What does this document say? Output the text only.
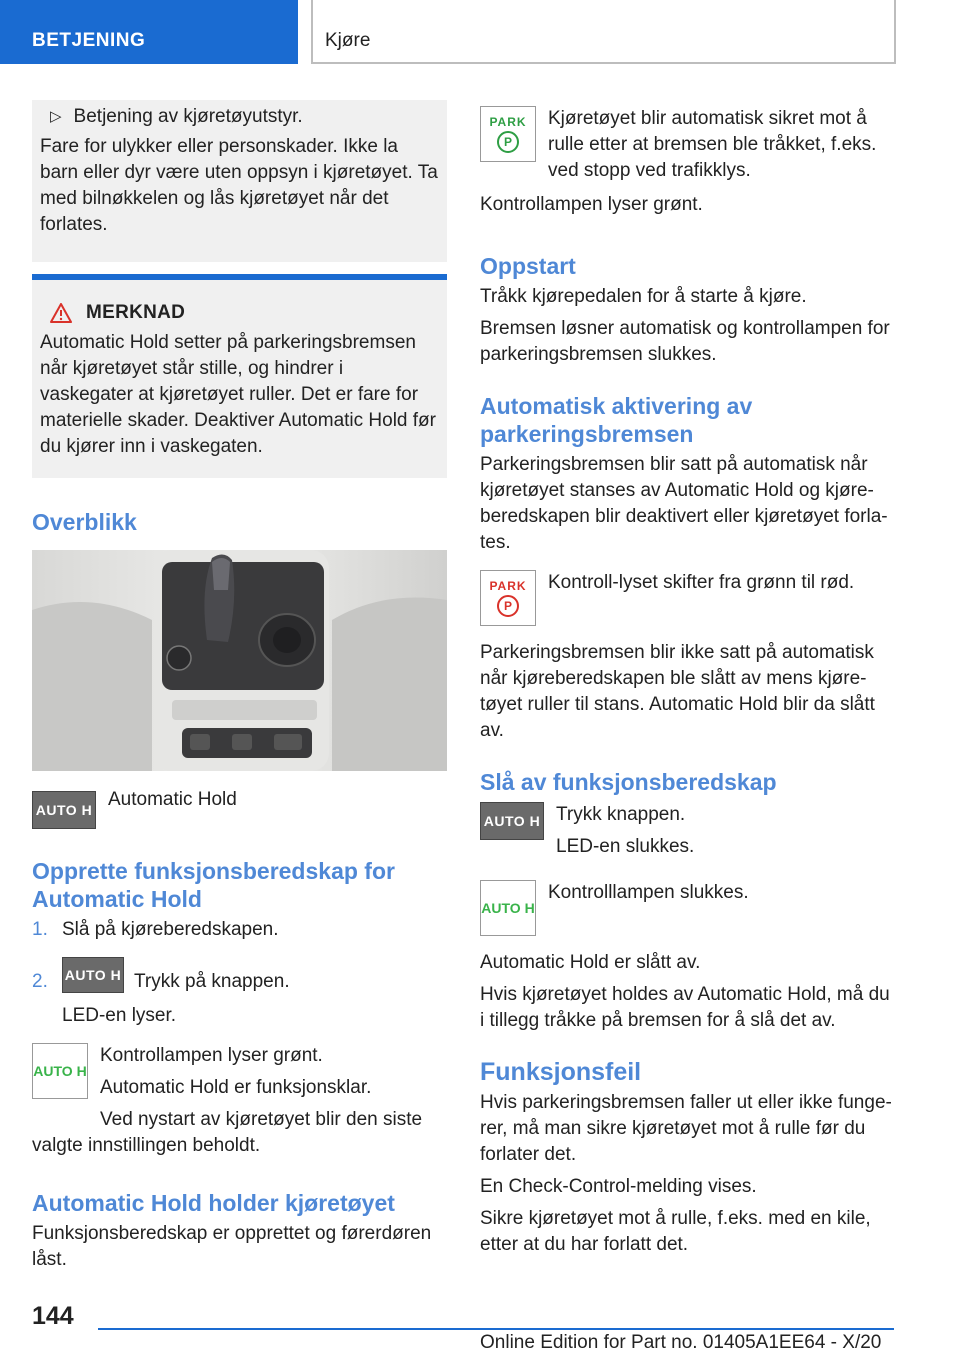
BETJENING	Kjøre
▷ Betjening av kjøretøyutstyr.

Fare for ulykker eller personskader. Ikke la barn eller dyr være uten oppsyn i kjøretøyet. Ta med bilnøkkelen og lås kjøretøyet når det forlates.

MERKNAD

Automatic Hold setter på parkeringsbremsen når kjøretøyet står stille, og hindrer i vaskegater at kjøretøyet ruller. Det er fare for materielle skader. Deaktiver Automatic Hold før du kjører inn i vaskegaten.

Overblikk
AUTO H Automatic Hold
Opprette funksjonsberedskap for Automatic Hold
1. Slå på kjøreberedskapen.
2. AUTO H Trykk på knappen.

LED-en lyser.

AUTO H

Kontrollampen lyser grønt.

Automatic Hold er funksjonsklar.

Ved nystart av kjøretøyet blir den siste valgte innstillingen beholdt.

Automatic Hold holder kjøretøyet

Funksjonsberedskap er opprettet og førerdøren låst.

PARK
P

Kjøretøyet blir automatisk sikret mot å rulle etter at bremsen ble tråkket, f.eks. ved stopp ved trafikklys.

Kontrollampen lyser grønt.

Oppstart

Tråkk kjørepedalen for å starte å kjøre.

Bremsen løsner automatisk og kontrollampen for parkeringsbremsen slukkes.

Automatisk aktivering av parkeringsbremsen

Parkeringsbremsen blir satt på automatisk når kjøretøyet stanses av Automatic Hold og kjøreberedskapen blir deaktivert eller kjøretøyet forlates.

PARK
P

Kontroll-lyset skifter fra grønn til rød.

Parkeringsbremsen blir ikke satt på automatisk når kjøreberedskapen ble slått av mens kjøretøyet ruller til stans. Automatic Hold blir da slått av.

Slå av funksjonsberedskap
AUTO H Trykk knappen.

LED-en slukkes.

AUTO H

Kontrolllampen slukkes.

Automatic Hold er slått av.

Hvis kjøretøyet holdes av Automatic Hold, må du i tillegg tråkke på bremsen for å slå det av.

Funksjonsfeil

Hvis parkeringsbremsen faller ut eller ikke fungerer, må man sikre kjøretøyet mot å rulle før du forlater det.

En Check-Control-melding vises.

Sikre kjøretøyet mot å rulle, f.eks. med en kile, etter at du har forlatt det.

144
Online Edition for Part no. 01405A1EE64 - X/20
